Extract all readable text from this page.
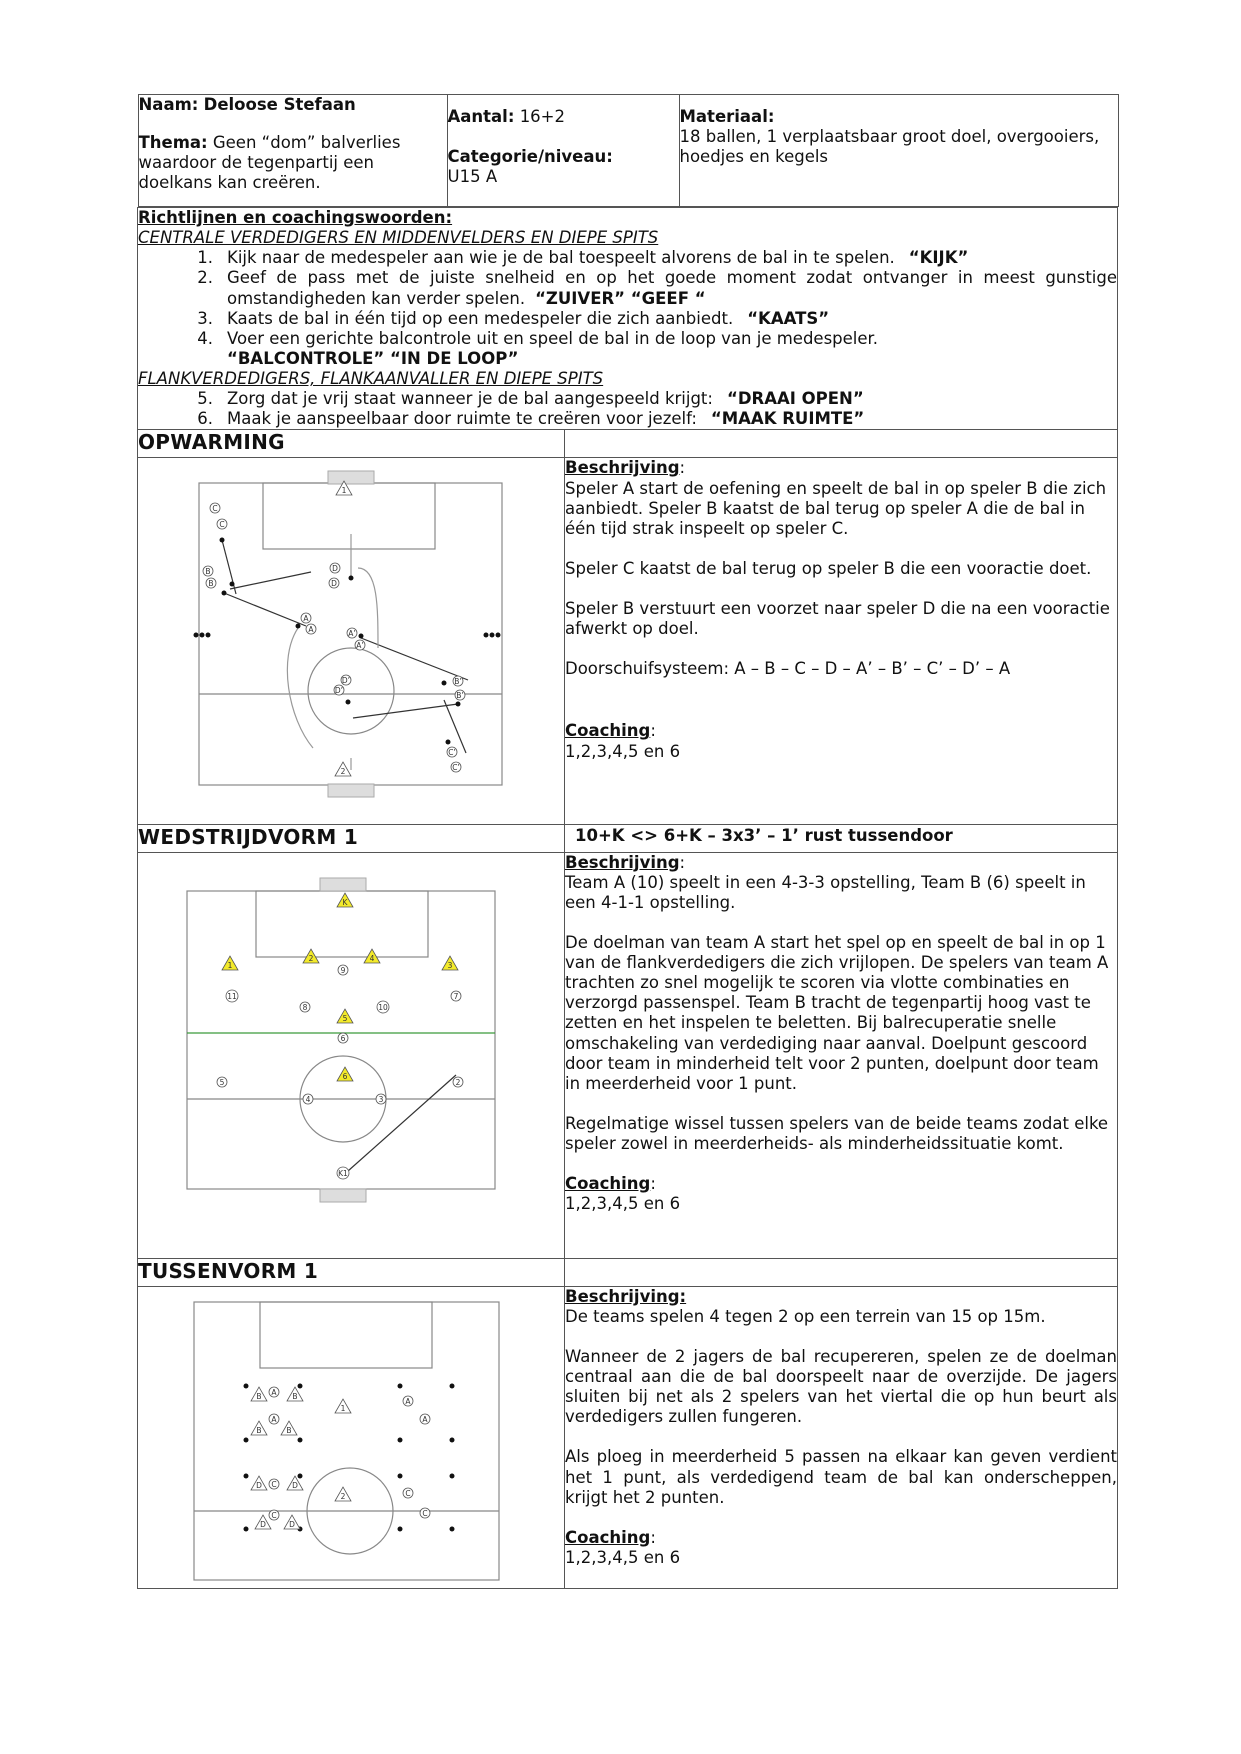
Naam: Deloose Stefaan
Thema: Geen “dom” balverlies waardoor de tegenpartij een doelkans kan creëren.

Aantal: 16+2
Categorie/niveau:
U15 A

Materiaal:
18 ballen, 1 verplaatsbaar groot doel, overgooiers, hoedjes en kegels

Richtlijnen en coachingswoorden:
CENTRALE VERDEDIGERS EN MIDDENVELDERS EN DIEPE SPITS
1. Kijk naar de medespeler aan wie je de bal toespeelt alvorens de bal in te spelen. “KIJK”
2. Geef de pass met de juiste snelheid en op het goede moment zodat ontvanger in meest gunstige omstandigheden kan verder spelen. “ZUIVER” “GEEF “
3. Kaats de bal in één tijd op een medespeler die zich aanbiedt. “KAATS”
4. Voer een gerichte balcontrole uit en speel de bal in de loop van je medespeler.
“BALCONTROLE” “IN DE LOOP”
FLANKVERDEDIGERS, FLANKAANVALLER EN DIEPE SPITS
5. Zorg dat je vrij staat wanneer je de bal aangespeeld krijgt: “DRAAI OPEN”
6. Maak je aanspeelbaar door ruimte te creëren voor jezelf: “MAAK RUIMTE”

OPWARMING	

C
C
B
B
D
D
A
A	A’
A’
B’
B’
D’
D’
C’
C’
1
2

Beschrijving:

Speler A start de oefening en speelt de bal in op speler B die zich aanbiedt. Speler B kaatst de bal terug op speler A die de bal in één tijd strak inspeelt op speler C.

Speler C kaatst de bal terug op speler B die een vooractie doet.

Speler B verstuurt een voorzet naar speler D die na een vooractie afwerkt op doel.

Doorschuifsysteem: A – B – C – D – A’ – B’ – C’ – D’ – A

Coaching:
1,2,3,4,5 en 6

WEDSTRIJDVORM 1	10+K <> 6+K – 3x3’ – 1’ rust tussendoor

K
1
2	4
3
5
6
9
11
8	10
6
7
5
4	3
2
K1

Beschrijving:

Team A (10) speelt in een 4-3-3 opstelling, Team B (6) speelt in een 4-1-1 opstelling.

De doelman van team A start het spel op en speelt de bal in op 1 van de flankverdedigers die zich vrijlopen. De spelers van team A trachten zo snel mogelijk te scoren via vlotte combinaties en verzorgd passenspel. Team B tracht de tegenpartij hoog vast te zetten en het inspelen te beletten. Bij balrecuperatie snelle omschakeling van verdediging naar aanval. Doelpunt gescoord door team in minderheid telt voor 2 punten, doelpunt door team in meerderheid voor 1 punt.

Regelmatige wissel tussen spelers van de beide teams zodat elke speler zowel in meerderheids- als minderheidssituatie komt.

Coaching:
1,2,3,4,5 en 6

TUSSENVORM 1	

1
2
A
A
B	B
B	B
A
A
C
C
D	D
D	D
C
C

Beschrijving:

De teams spelen 4 tegen 2 op een terrein van 15 op 15m.

Wanneer de 2 jagers de bal recupereren, spelen ze de doelman centraal aan die de bal doorspeelt naar de overzijde. De jagers sluiten bij net als 2 spelers van het viertal die op hun beurt als verdedigers zullen fungeren.

Als ploeg in meerderheid 5 passen na elkaar kan geven verdient het 1 punt, als verdedigend team de bal kan onderscheppen, krijgt het 2 punten.

Coaching:
1,2,3,4,5 en 6
